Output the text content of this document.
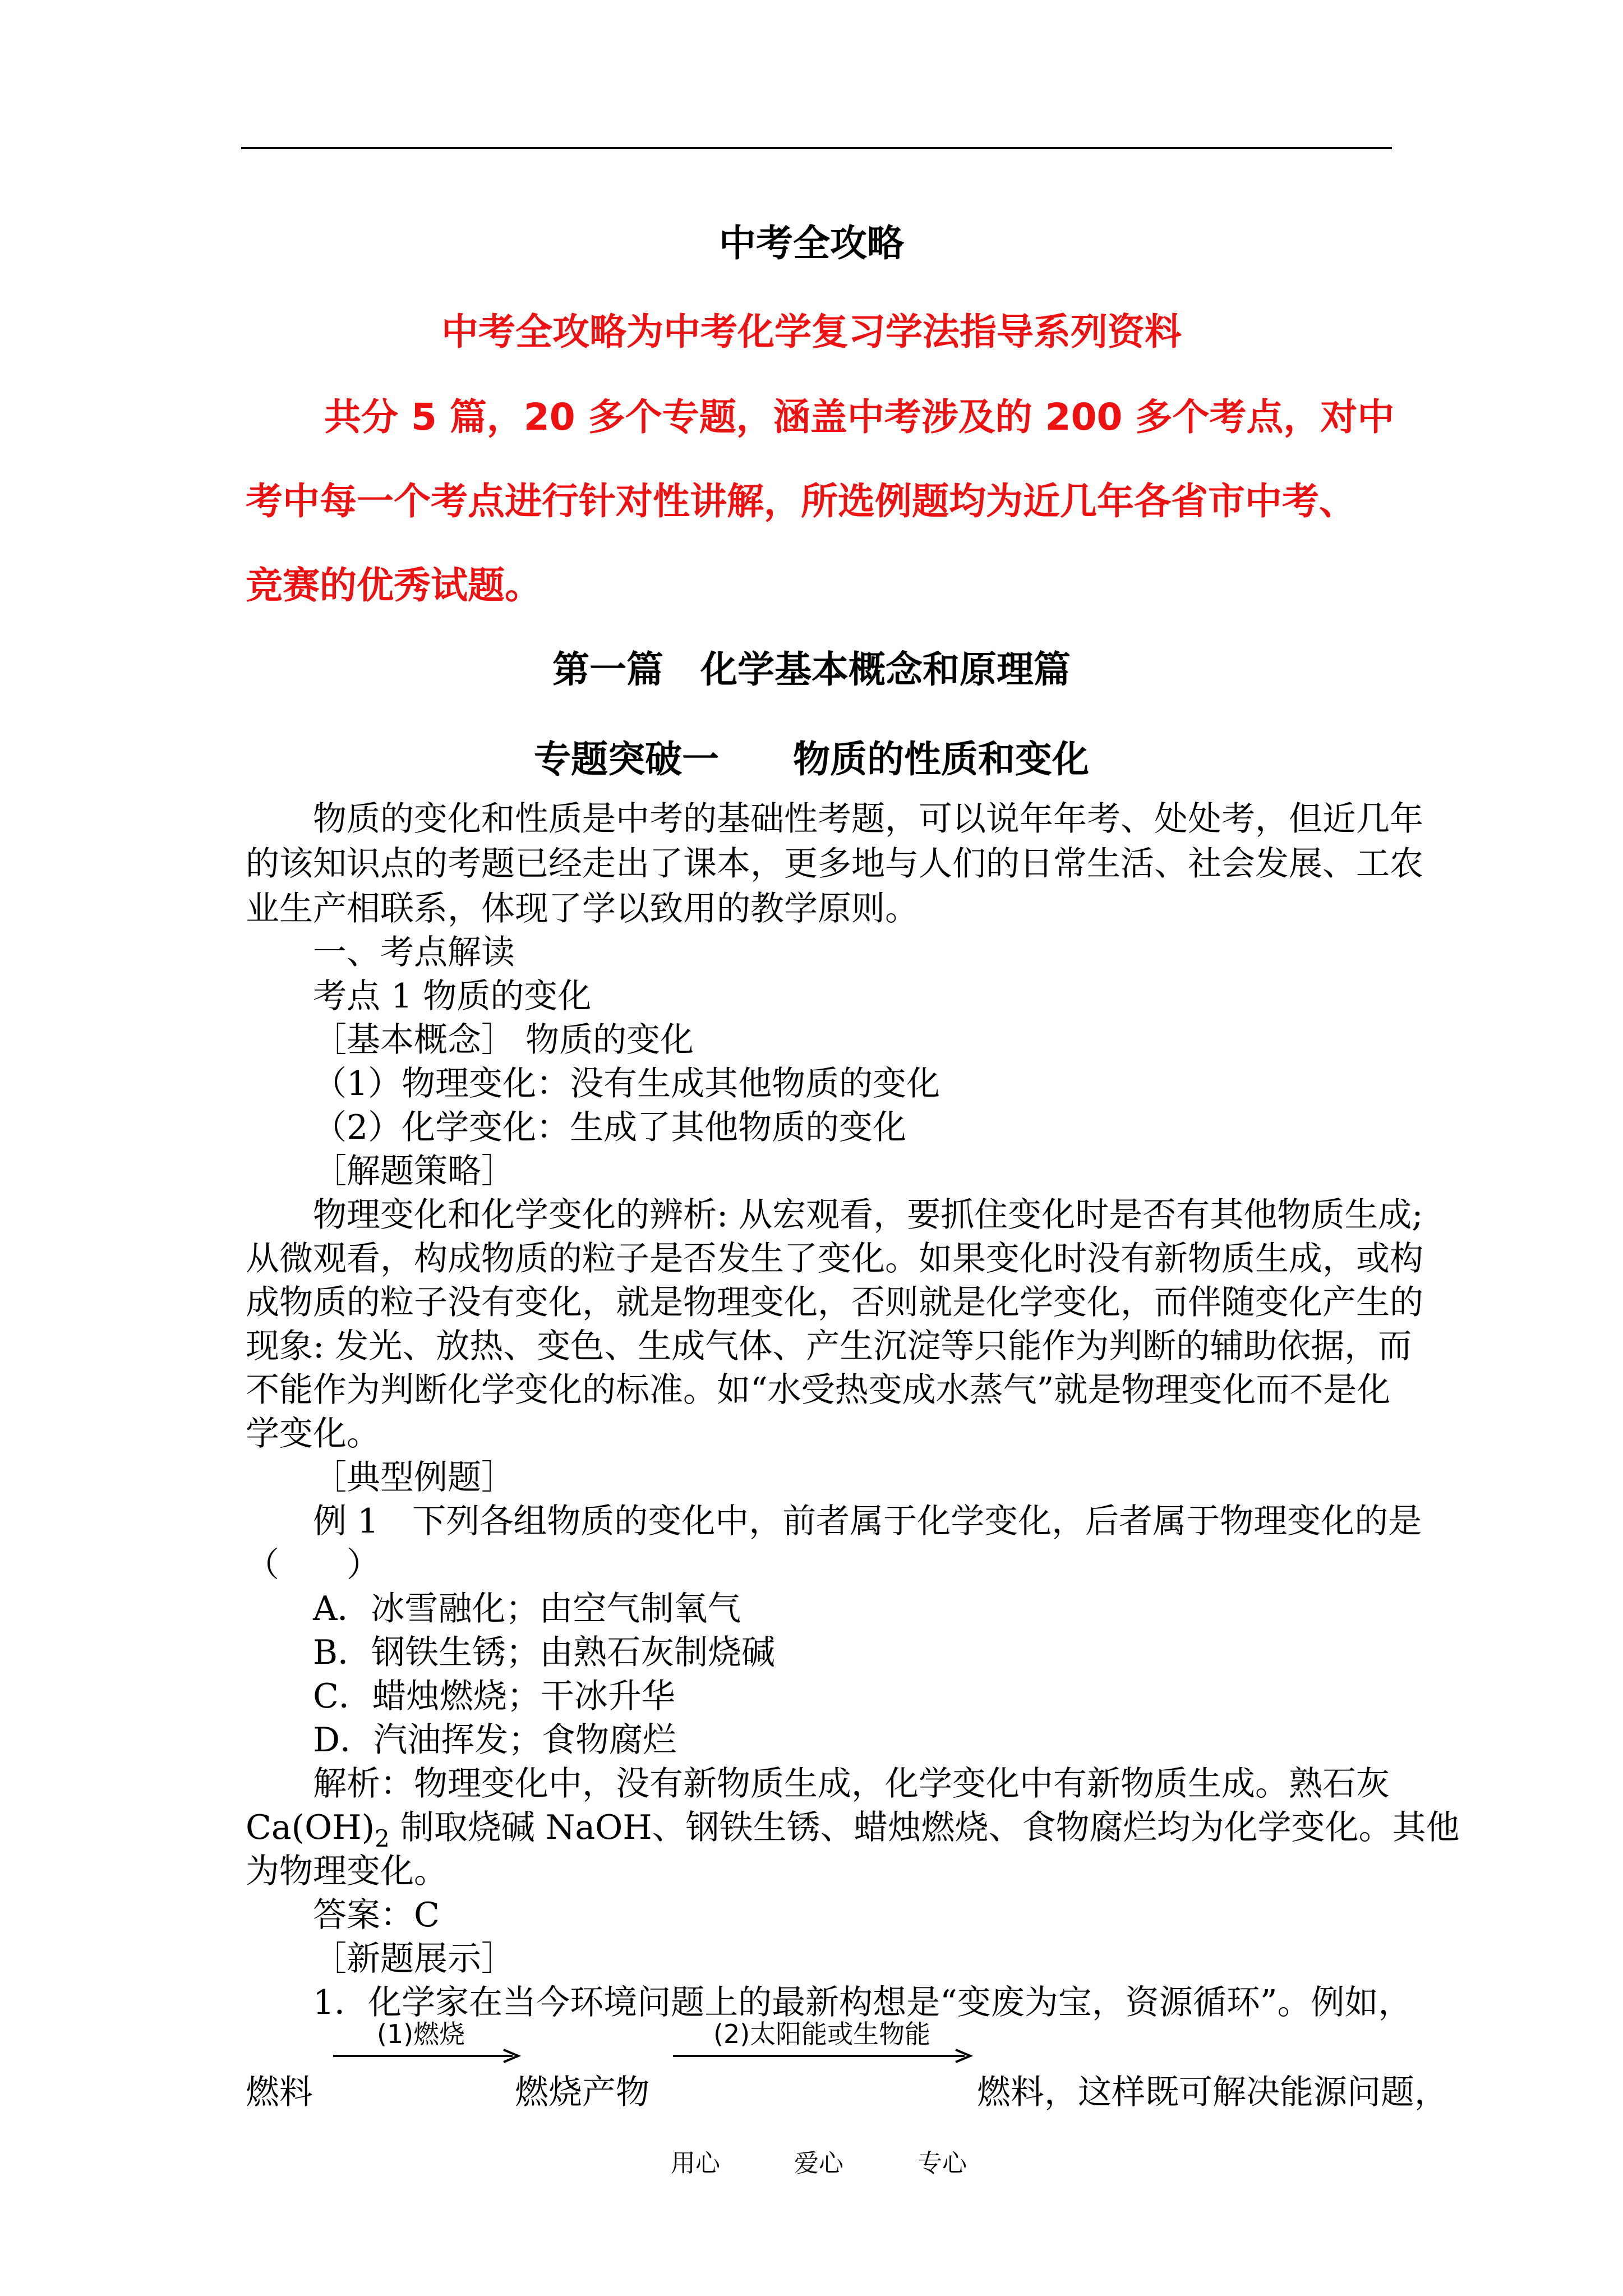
中考全攻略
中考全攻略为中考化学复习学法指导系列资料
共分 5 篇，20 多个专题，涵盖中考涉及的 200 多个考点，对中
考中每一个考点进行针对性讲解，所选例题均为近几年各省市中考、
竞赛的优秀试题。
第一篇　化学基本概念和原理篇
专题突破一　　物质的性质和变化
物质的变化和性质是中考的基础性考题，可以说年年考、处处考，但近几年
的该知识点的考题已经走出了课本，更多地与人们的日常生活、社会发展、工农
业生产相联系，体现了学以致用的教学原则。
一、考点解读
考点 1 物质的变化
［基本概念］ 物质的变化
（1）物理变化：没有生成其他物质的变化
（2）化学变化：生成了其他物质的变化
［解题策略］
物理变化和化学变化的辨析: 从宏观看，要抓住变化时是否有其他物质生成;
从微观看，构成物质的粒子是否发生了变化。如果变化时没有新物质生成，或构
成物质的粒子没有变化，就是物理变化，否则就是化学变化，而伴随变化产生的
现象: 发光、放热、变色、生成气体、产生沉淀等只能作为判断的辅助依据，而
不能作为判断化学变化的标准。如“水受热变成水蒸气”就是物理变化而不是化
学变化。
［典型例题］
例 1　下列各组物质的变化中，前者属于化学变化，后者属于物理变化的是
（　　）
A．冰雪融化；由空气制氧气
B．钢铁生锈；由熟石灰制烧碱
C．蜡烛燃烧；干冰升华
D．汽油挥发；食物腐烂
解析：物理变化中，没有新物质生成，化学变化中有新物质生成。熟石灰
$Ca(OH)_2$ 制取烧碱 NaOH、钢铁生锈、蜡烛燃烧、食物腐烂均为化学变化。其他
为物理变化。
答案：C
［新题展示］
1．化学家在当今环境问题上的最新构想是“变废为宝，资源循环”。例如，
燃料
(1)燃烧
燃烧产物
(2)太阳能或生物能
燃料，这样既可解决能源问题，
用心	爱心	专心
